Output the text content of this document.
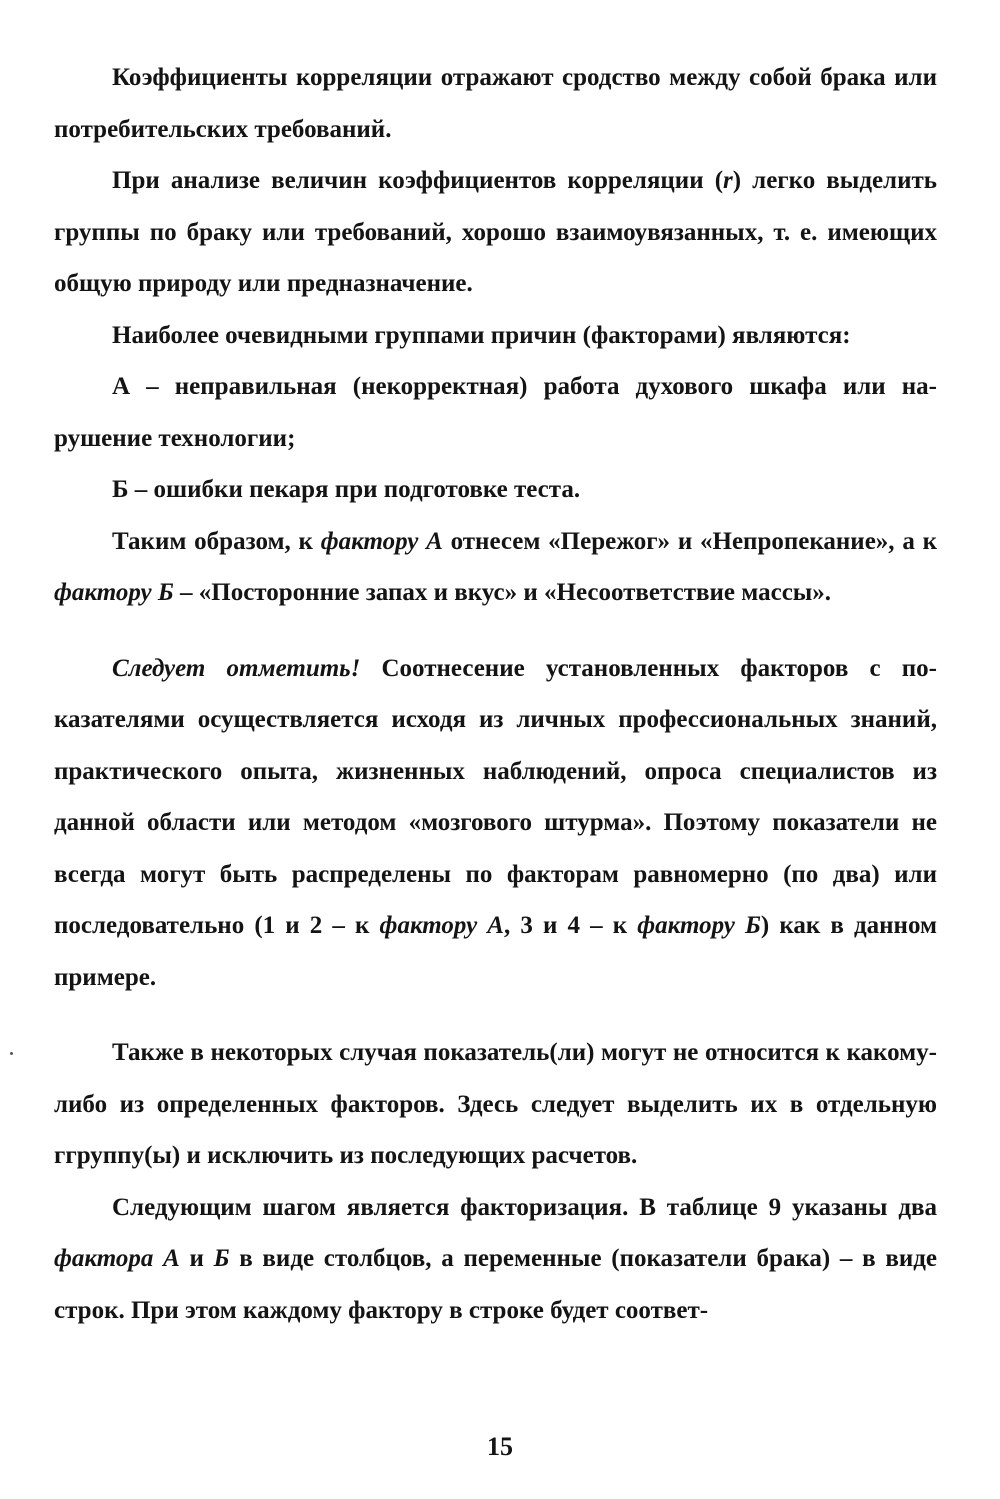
Коэффициенты корреляции отражают сродство между собой брака или потребительских требований.

При анализе величин коэффициентов корреляции (r) легко выделить группы по браку или требований, хорошо взаимоувязанных, т. е. имеющих общую природу или предназначение.

Наиболее очевидными группами причин (факторами) являются:

А – неправильная (некорректная) работа духового шкафа или нарушение технологии;

Б – ошибки пекаря при подготовке теста.

Таким образом, к фактору А отнесем «Пережог» и «Непропекание», а к фактору Б – «Посторонние запах и вкус» и «Несоответствие массы».

Следует отметить! Соотнесение установленных факторов с показателями осуществляется исходя из личных профессиональных знаний, практического опыта, жизненных наблюдений, опроса специалистов из данной области или методом «мозгового штурма». Поэтому показатели не всегда могут быть распределены по факторам равномерно (по два) или последовательно (1 и 2 – к фактору А, 3 и 4 – к фактору Б) как в данном примере.

Также в некоторых случая показатель(ли) могут не относится к какому-либо из определенных факторов. Здесь следует выделить их в отдельную ггруппу(ы) и исключить из последующих расчетов.

Следующим шагом является факторизация. В таблице 9 указаны два фактора А и Б в виде столбцов, а переменные (показатели брака) – в виде строк. При этом каждому фактору в строке будет соответ-

15
